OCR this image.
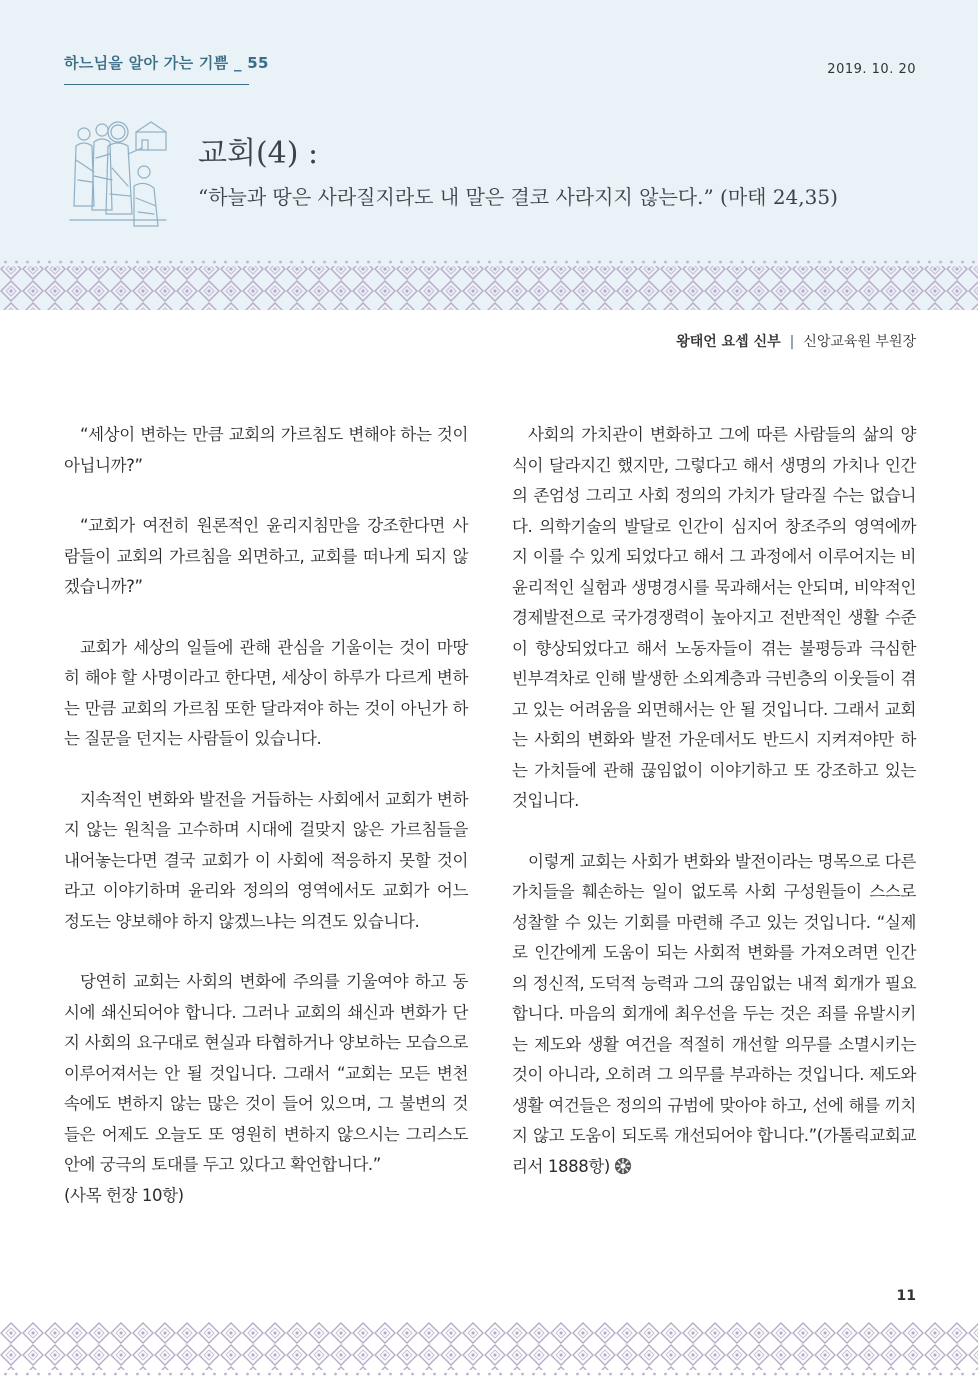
하느님을 알아 가는 기쁨 _ 55	2019. 10. 20
교회(4) :
“하늘과 땅은 사라질지라도 내 말은 결코 사라지지 않는다.” (마태 24,35)
왕태언 요셉 신부 | 신앙교육원 부원장

“세상이 변하는 만큼 교회의 가르침도 변해야 하는 것이 아닙니까?”

“교회가 여전히 원론적인 윤리지침만을 강조한다면 사람들이 교회의 가르침을 외면하고, 교회를 떠나게 되지 않겠습니까?”

교회가 세상의 일들에 관해 관심을 기울이는 것이 마땅히 해야 할 사명이라고 한다면, 세상이 하루가 다르게 변하는 만큼 교회의 가르침 또한 달라져야 하는 것이 아닌가 하는 질문을 던지는 사람들이 있습니다.

지속적인 변화와 발전을 거듭하는 사회에서 교회가 변하지 않는 원칙을 고수하며 시대에 걸맞지 않은 가르침들을 내어놓는다면 결국 교회가 이 사회에 적응하지 못할 것이라고 이야기하며 윤리와 정의의 영역에서도 교회가 어느 정도는 양보해야 하지 않겠느냐는 의견도 있습니다.

당연히 교회는 사회의 변화에 주의를 기울여야 하고 동시에 쇄신되어야 합니다. 그러나 교회의 쇄신과 변화가 단지 사회의 요구대로 현실과 타협하거나 양보하는 모습으로 이루어져서는 안 될 것입니다. 그래서 “교회는 모든 변천 속에도 변하지 않는 많은 것이 들어 있으며, 그 불변의 것들은 어제도 오늘도 또 영원히 변하지 않으시는 그리스도 안에 궁극의 토대를 두고 있다고 확언합니다.”

(사목 헌장 10항)

사회의 가치관이 변화하고 그에 따른 사람들의 삶의 양식이 달라지긴 했지만, 그렇다고 해서 생명의 가치나 인간의 존엄성 그리고 사회 정의의 가치가 달라질 수는 없습니다. 의학기술의 발달로 인간이 심지어 창조주의 영역에까지 이를 수 있게 되었다고 해서 그 과정에서 이루어지는 비윤리적인 실험과 생명경시를 묵과해서는 안되며, 비약적인 경제발전으로 국가경쟁력이 높아지고 전반적인 생활 수준이 향상되었다고 해서 노동자들이 겪는 불평등과 극심한 빈부격차로 인해 발생한 소외계층과 극빈층의 이웃들이 겪고 있는 어려움을 외면해서는 안 될 것입니다. 그래서 교회는 사회의 변화와 발전 가운데서도 반드시 지켜져야만 하는 가치들에 관해 끊임없이 이야기하고 또 강조하고 있는 것입니다.

이렇게 교회는 사회가 변화와 발전이라는 명목으로 다른 가치들을 훼손하는 일이 없도록 사회 구성원들이 스스로 성찰할 수 있는 기회를 마련해 주고 있는 것입니다. “실제로 인간에게 도움이 되는 사회적 변화를 가져오려면 인간의 정신적, 도덕적 능력과 그의 끊임없는 내적 회개가 필요합니다. 마음의 회개에 최우선을 두는 것은 죄를 유발시키는 제도와 생활 여건을 적절히 개선할 의무를 소멸시키는 것이 아니라, 오히려 그 의무를 부과하는 것입니다. 제도와 생활 여건들은 정의의 규범에 맞아야 하고, 선에 해를 끼치지 않고 도움이 되도록 개선되어야 합니다.”(가톨릭교회교리서 1888항)

11
